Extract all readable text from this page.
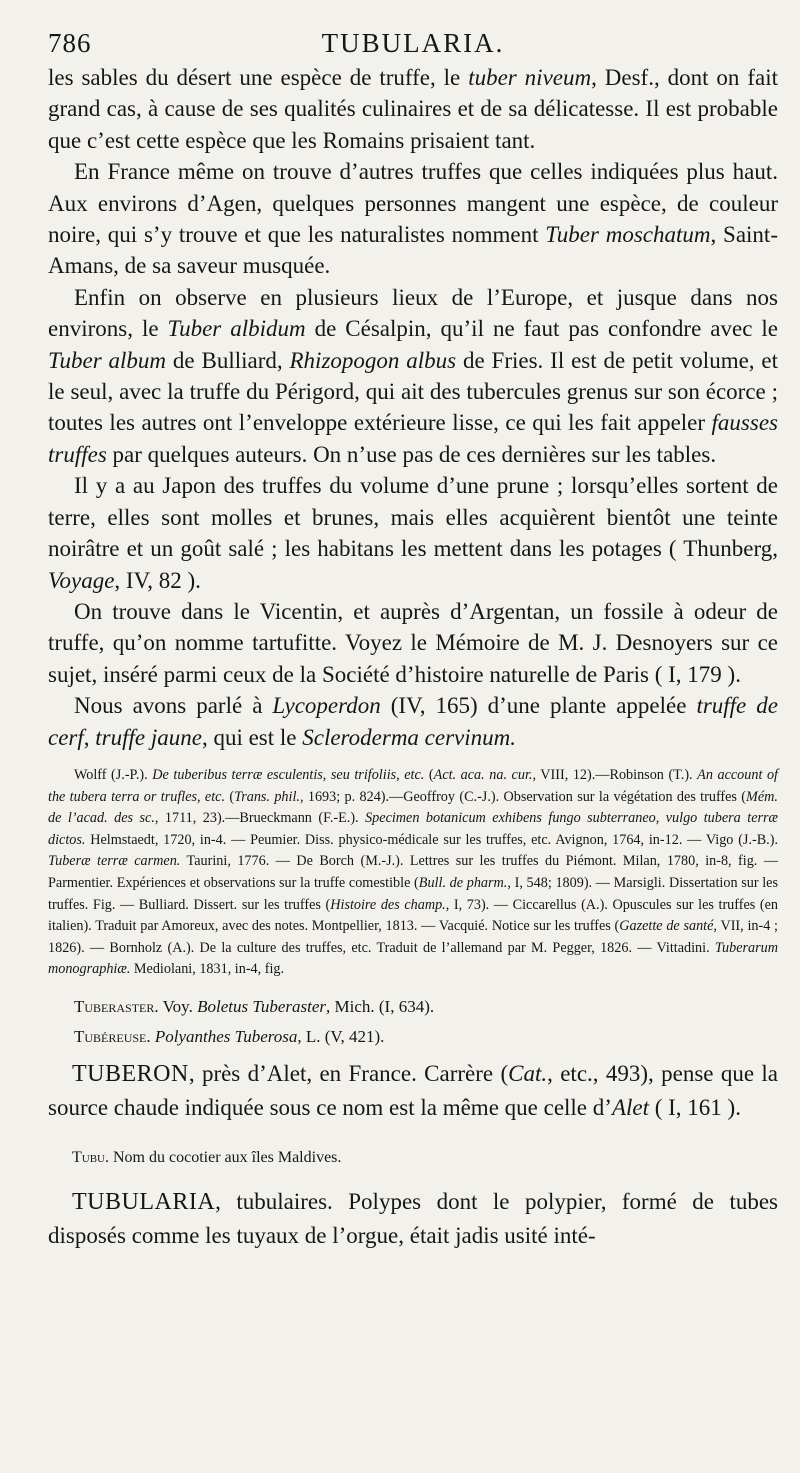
786	TUBULARIA.

les sables du désert une espèce de truffe, le tuber niveum, Desf., dont on fait grand cas, à cause de ses qualités culinaires et de sa délicatesse. Il est probable que c’est cette espèce que les Romains prisaient tant.

En France même on trouve d’autres truffes que celles indiquées plus haut. Aux environs d’Agen, quelques personnes mangent une espèce, de couleur noire, qui s’y trouve et que les naturalistes nomment Tuber moschatum, Saint-Amans, de sa saveur musquée.

Enfin on observe en plusieurs lieux de l’Europe, et jusque dans nos environs, le Tuber albidum de Césalpin, qu’il ne faut pas confondre avec le Tuber album de Bulliard, Rhizopogon albus de Fries. Il est de petit volume, et le seul, avec la truffe du Périgord, qui ait des tubercules grenus sur son écorce ; toutes les autres ont l’enveloppe extérieure lisse, ce qui les fait appeler fausses truffes par quelques auteurs. On n’use pas de ces dernières sur les tables.

Il y a au Japon des truffes du volume d’une prune ; lorsqu’elles sortent de terre, elles sont molles et brunes, mais elles acquièrent bientôt une teinte noirâtre et un goût salé ; les habitans les mettent dans les potages ( Thunberg, Voyage, IV, 82 ).

On trouve dans le Vicentin, et auprès d’Argentan, un fossile à odeur de truffe, qu’on nomme tartufitte. Voyez le Mémoire de M. J. Desnoyers sur ce sujet, inséré parmi ceux de la Société d’histoire naturelle de Paris ( I, 179 ).

Nous avons parlé à Lycoperdon (IV, 165) d’une plante appelée truffe de cerf, truffe jaune, qui est le Scleroderma cervinum.

Wolff (J.-P.). De tuberibus terræ esculentis, seu trifoliis, etc. (Act. aca. na. cur., VIII, 12).—Robinson (T.). An account of the tubera terra or trufles, etc. (Trans. phil., 1693; p. 824).—Geoffroy (C.-J.). Observation sur la végétation des truffes (Mém. de l’acad. des sc., 1711, 23).—Brueckmann (F.-E.). Specimen botanicum exhibens fungo subterraneo, vulgo tubera terræ dictos. Helmstaedt, 1720, in-4. — Peumier. Diss. physico-médicale sur les truffes, etc. Avignon, 1764, in-12. — Vigo (J.-B.). Tuberæ terræ carmen. Taurini, 1776. — De Borch (M.-J.). Lettres sur les truffes du Piémont. Milan, 1780, in-8, fig. — Parmentier. Expériences et observations sur la truffe comestible (Bull. de pharm., I, 548; 1809). — Marsigli. Dissertation sur les truffes. Fig. — Bulliard. Dissert. sur les truffes (Histoire des champ., I, 73). — Ciccarellus (A.). Opuscules sur les truffes (en italien). Traduit par Amoreux, avec des notes. Montpellier, 1813. — Vacquié. Notice sur les truffes (Gazette de santé, VII, in-4 ; 1826). — Bornholz (A.). De la culture des truffes, etc. Traduit de l’allemand par M. Pegger, 1826. — Vittadini. Tuberarum monographiæ. Mediolani, 1831, in-4, fig.

Tuberaster. Voy. Boletus Tuberaster, Mich. (I, 634).

Tubéreuse. Polyanthes Tuberosa, L. (V, 421).

TUBERON, près d’Alet, en France. Carrère (Cat., etc., 493), pense que la source chaude indiquée sous ce nom est la même que celle d’Alet ( I, 161 ).

Tubu. Nom du cocotier aux îles Maldives.

TUBULARIA, tubulaires. Polypes dont le polypier, formé de tubes disposés comme les tuyaux de l’orgue, était jadis usité inté-
